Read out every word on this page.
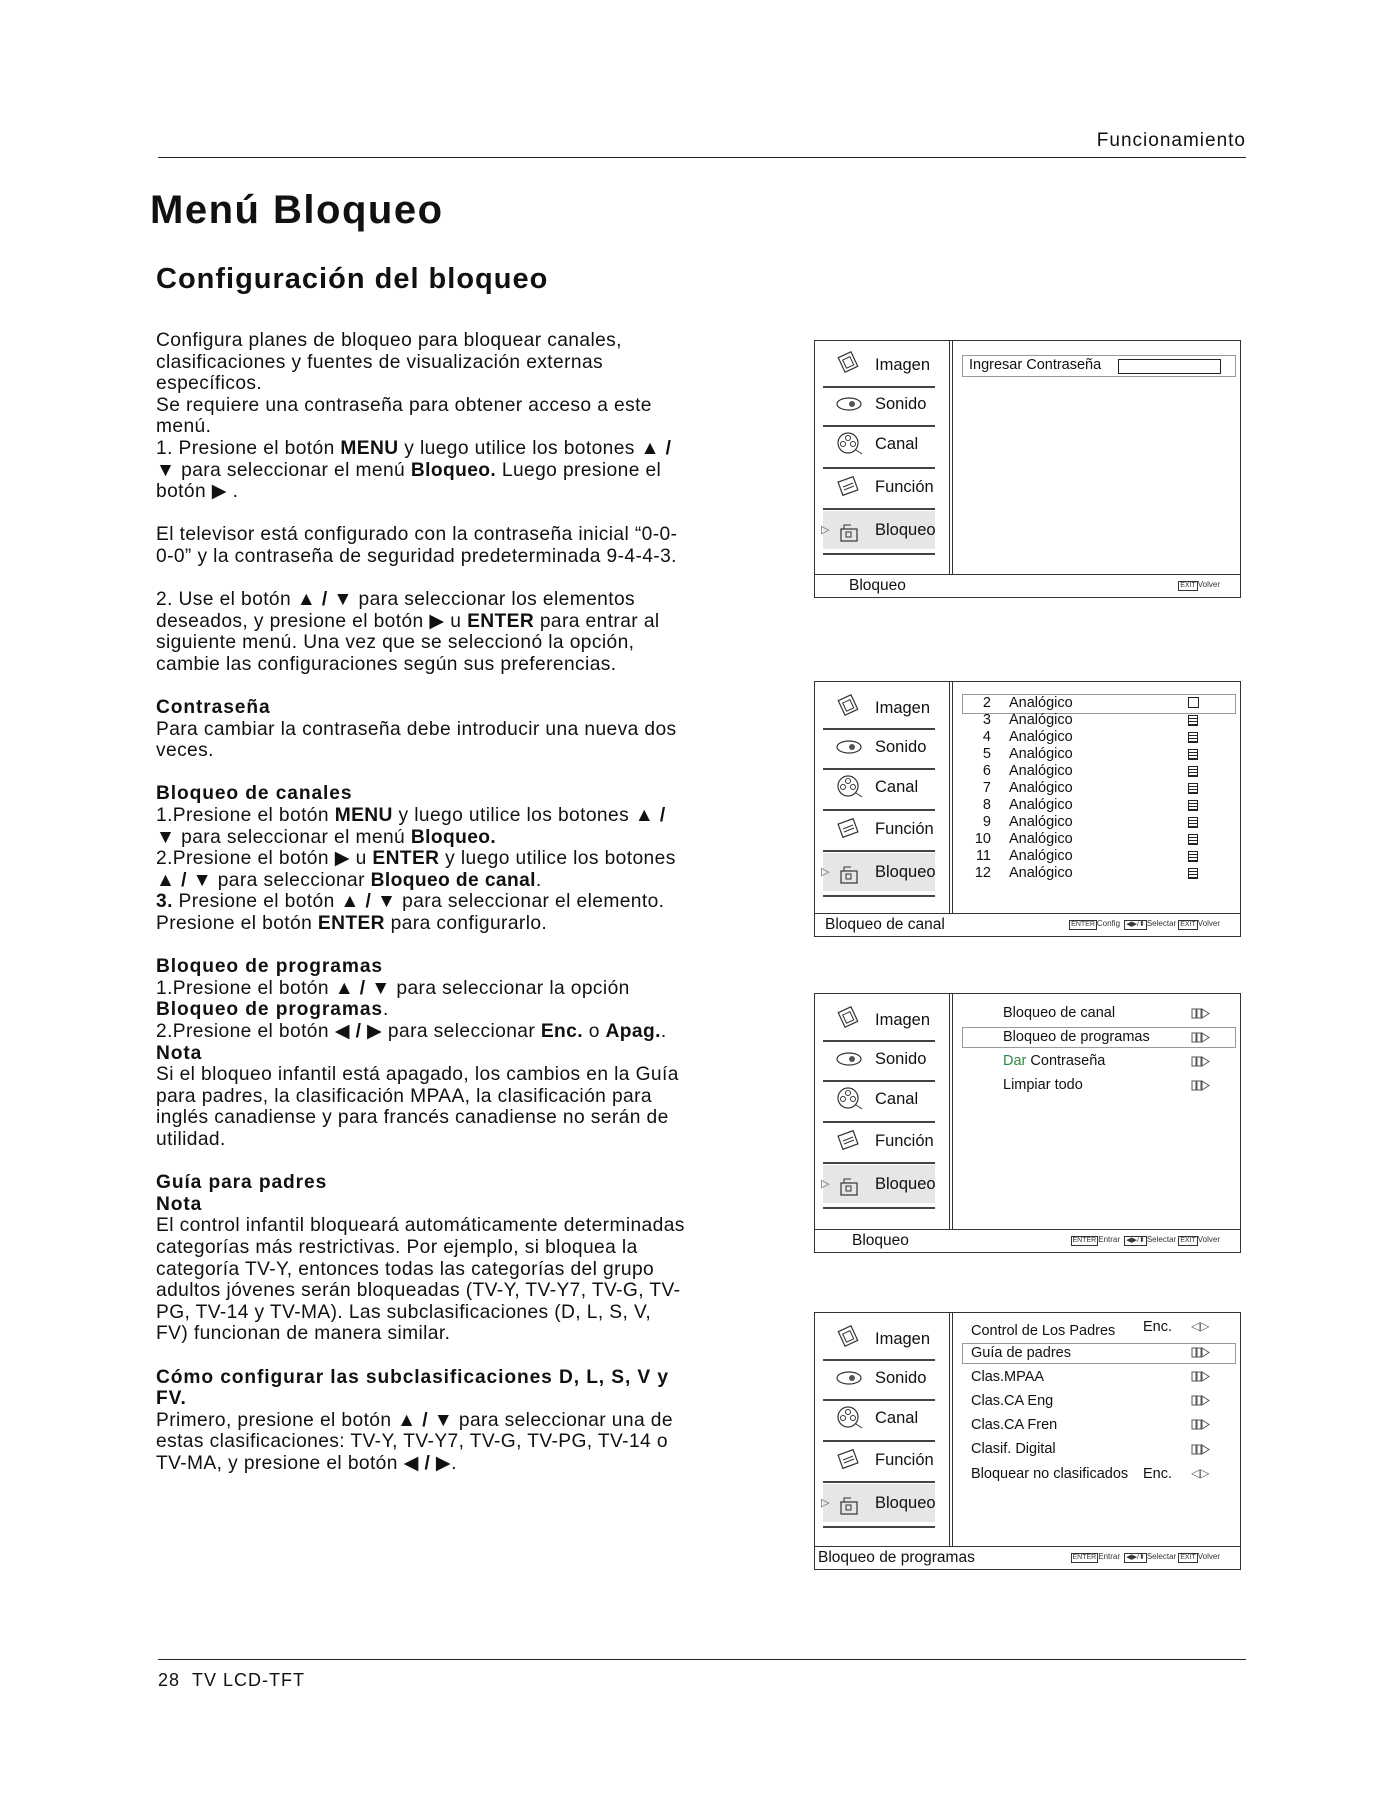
Funcionamiento
Menú Bloqueo
Configuración del bloqueo

Configura planes de bloqueo para bloquear canales, clasificaciones y fuentes de visualización externas específicos.
Se requiere una contraseña para obtener acceso a este menú.
1. Presione el botón MENU y luego utilice los botones ▲ / ▼ para seleccionar el menú Bloqueo. Luego presione el botón ▶ .

El televisor está configurado con la contraseña inicial “0-0-0-0” y la contraseña de seguridad predeterminada 9-4-4-3.

2. Use el botón ▲ / ▼ para seleccionar los elementos deseados, y presione el botón ▶ u ENTER para entrar al siguiente menú. Una vez que se seleccionó la opción, cambie las configuraciones según sus preferencias.

Contraseña
Para cambiar la contraseña debe introducir una nueva dos veces.

Bloqueo de canales
1.Presione el botón MENU y luego utilice los botones ▲ / ▼ para seleccionar el menú Bloqueo.
2.Presione el botón ▶ u ENTER y luego utilice los botones ▲ / ▼ para seleccionar Bloqueo de canal.
3. Presione el botón ▲ / ▼ para seleccionar el elemento. Presione el botón ENTER para configurarlo.

Bloqueo de programas
1.Presione el botón ▲ / ▼ para seleccionar la opción Bloqueo de programas.
2.Presione el botón ◀ / ▶ para seleccionar Enc. o Apag..

Nota
Si el bloqueo infantil está apagado, los cambios en la Guía para padres, la clasificación MPAA, la clasificación para inglés canadiense y para francés canadiense no serán de utilidad.

Guía para padres
Nota
El control infantil bloqueará automáticamente determinadas categorías más restrictivas. Por ejemplo, si bloquea la categoría TV-Y, entonces todas las categorías del grupo adultos jóvenes serán bloqueadas (TV-Y, TV-Y7, TV-G, TV-PG, TV-14 y TV-MA). Las subclasificaciones (D, L, S, V, FV) funcionan de manera similar.

Cómo configurar las subclasificaciones D, L, S, V y FV.
Primero, presione el botón ▲ / ▼ para seleccionar una de estas clasificaciones: TV-Y, TV-Y7, TV-G, TV-PG, TV-14 o TV-MA, y presione el botón ◀ / ▶.

Imagen
Sonido
Canal
Función
▷	Bloqueo
Ingresar Contraseña
Bloqueo	EXIT Volver
Imagen
Sonido
Canal
Función
▷	Bloqueo
2 Analógico
3 Analógico
4 Analógico
5 Analógico
6 Analógico
7 Analógico
8 Analógico
9 Analógico
10 Analógico
11 Analógico
12 Analógico
Bloqueo de canal	ENTER Config ◀▶/⬍ Selectar EXIT Volver
Imagen
Sonido
Canal
Función
▷	Bloqueo
Bloqueo de canal
Bloqueo de programas
Dar Contraseña
Limpiar todo
Bloqueo	ENTER Entrar ◀▶/⬍ Selectar EXIT Volver
Imagen
Sonido
Canal
Función
▷	Bloqueo
Control de Los Padres Enc. ◁▷
Guía de padres
Clas.MPAA
Clas.CA Eng
Clas.CA Fren
Clasif. Digital
Bloquear no clasificados Enc. ◁▷
Bloqueo de programas	ENTER Entrar ◀▶/⬍ Selectar EXIT Volver
28 TV LCD-TFT
